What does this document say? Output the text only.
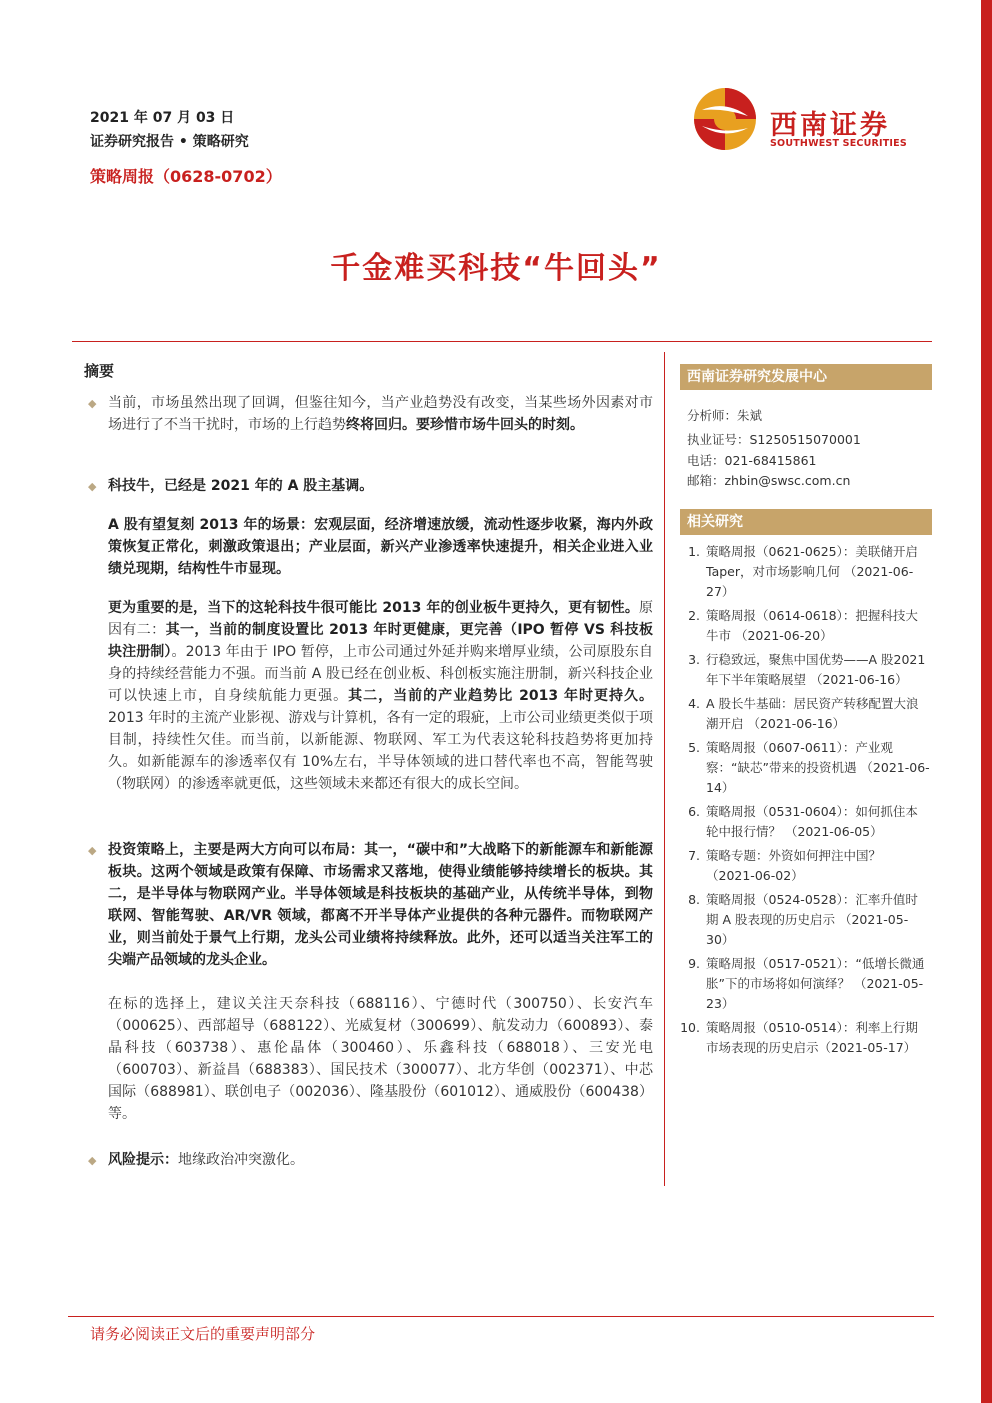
2021 年 07 月 03 日
证券研究报告 • 策略研究
策略周报（0628-0702）
西南证券
SOUTHWEST SECURITIES
千金难买科技“牛回头”
摘要
◆ 当前，市场虽然出现了回调，但鉴往知今，当产业趋势没有改变，当某些场外因素对市场进行了不当干扰时，市场的上行趋势终将回归。要珍惜市场牛回头的时刻。
◆ 科技牛，已经是 2021 年的 A 股主基调。
A 股有望复刻 2013 年的场景：宏观层面，经济增速放缓，流动性逐步收紧，海内外政策恢复正常化，刺激政策退出；产业层面，新兴产业渗透率快速提升，相关企业进入业绩兑现期，结构性牛市显现。
更为重要的是，当下的这轮科技牛很可能比 2013 年的创业板牛更持久，更有韧性。原因有二：其一，当前的制度设置比 2013 年时更健康，更完善（IPO 暂停 VS 科技板块注册制）。2013 年由于 IPO 暂停，上市公司通过外延并购来增厚业绩，公司原股东自身的持续经营能力不强。而当前 A 股已经在创业板、科创板实施注册制，新兴科技企业可以快速上市，自身续航能力更强。其二，当前的产业趋势比 2013 年时更持久。2013 年时的主流产业影视、游戏与计算机，各有一定的瑕疵，上市公司业绩更类似于项目制，持续性欠佳。而当前，以新能源、物联网、军工为代表这轮科技趋势将更加持久。如新能源车的渗透率仅有 10%左右，半导体领域的进口替代率也不高，智能驾驶（物联网）的渗透率就更低，这些领域未来都还有很大的成长空间。
◆ 投资策略上，主要是两大方向可以布局：其一，“碳中和”大战略下的新能源车和新能源板块。这两个领域是政策有保障、市场需求又落地，使得业绩能够持续增长的板块。其二，是半导体与物联网产业。半导体领域是科技板块的基础产业，从传统半导体，到物联网、智能驾驶、AR/VR 领域，都离不开半导体产业提供的各种元器件。而物联网产业，则当前处于景气上行期，龙头公司业绩将持续释放。此外，还可以适当关注军工的尖端产品领域的龙头企业。
在标的选择上，建议关注天奈科技（688116）、宁德时代（300750）、长安汽车（000625）、西部超导（688122）、光威复材（300699）、航发动力（600893）、泰晶科技（603738）、惠伦晶体（300460）、乐鑫科技（688018）、三安光电（600703）、新益昌（688383）、国民技术（300077）、北方华创（002371）、中芯国际（688981）、联创电子（002036）、隆基股份（601012）、通威股份（600438）等。
◆ 风险提示：地缘政治冲突激化。
西南证券研究发展中心
分析师：朱斌
执业证号：S1250515070001
电话：021-68415861
邮箱：zhbin@swsc.com.cn
相关研究
1. 策略周报（0621-0625）：美联储开启 Taper，对市场影响几何 （2021-06-27）
2. 策略周报（0614-0618）：把握科技大牛市 （2021-06-20）
3. 行稳致远，聚焦中国优势——A 股2021 年下半年策略展望 （2021-06-16）
4. A 股长牛基础：居民资产转移配置大浪潮开启 （2021-06-16）
5. 策略周报（0607-0611）：产业观察：“缺芯”带来的投资机遇 （2021-06-14）
6. 策略周报（0531-0604）：如何抓住本轮中报行情？ （2021-06-05）
7. 策略专题：外资如何押注中国？ （2021-06-02）
8. 策略周报（0524-0528）：汇率升值时期 A 股表现的历史启示 （2021-05-30）
9. 策略周报（0517-0521）：“低增长微通胀”下的市场将如何演绎？ （2021-05-23）
10. 策略周报（0510-0514）：利率上行期市场表现的历史启示（2021-05-17）
请务必阅读正文后的重要声明部分
